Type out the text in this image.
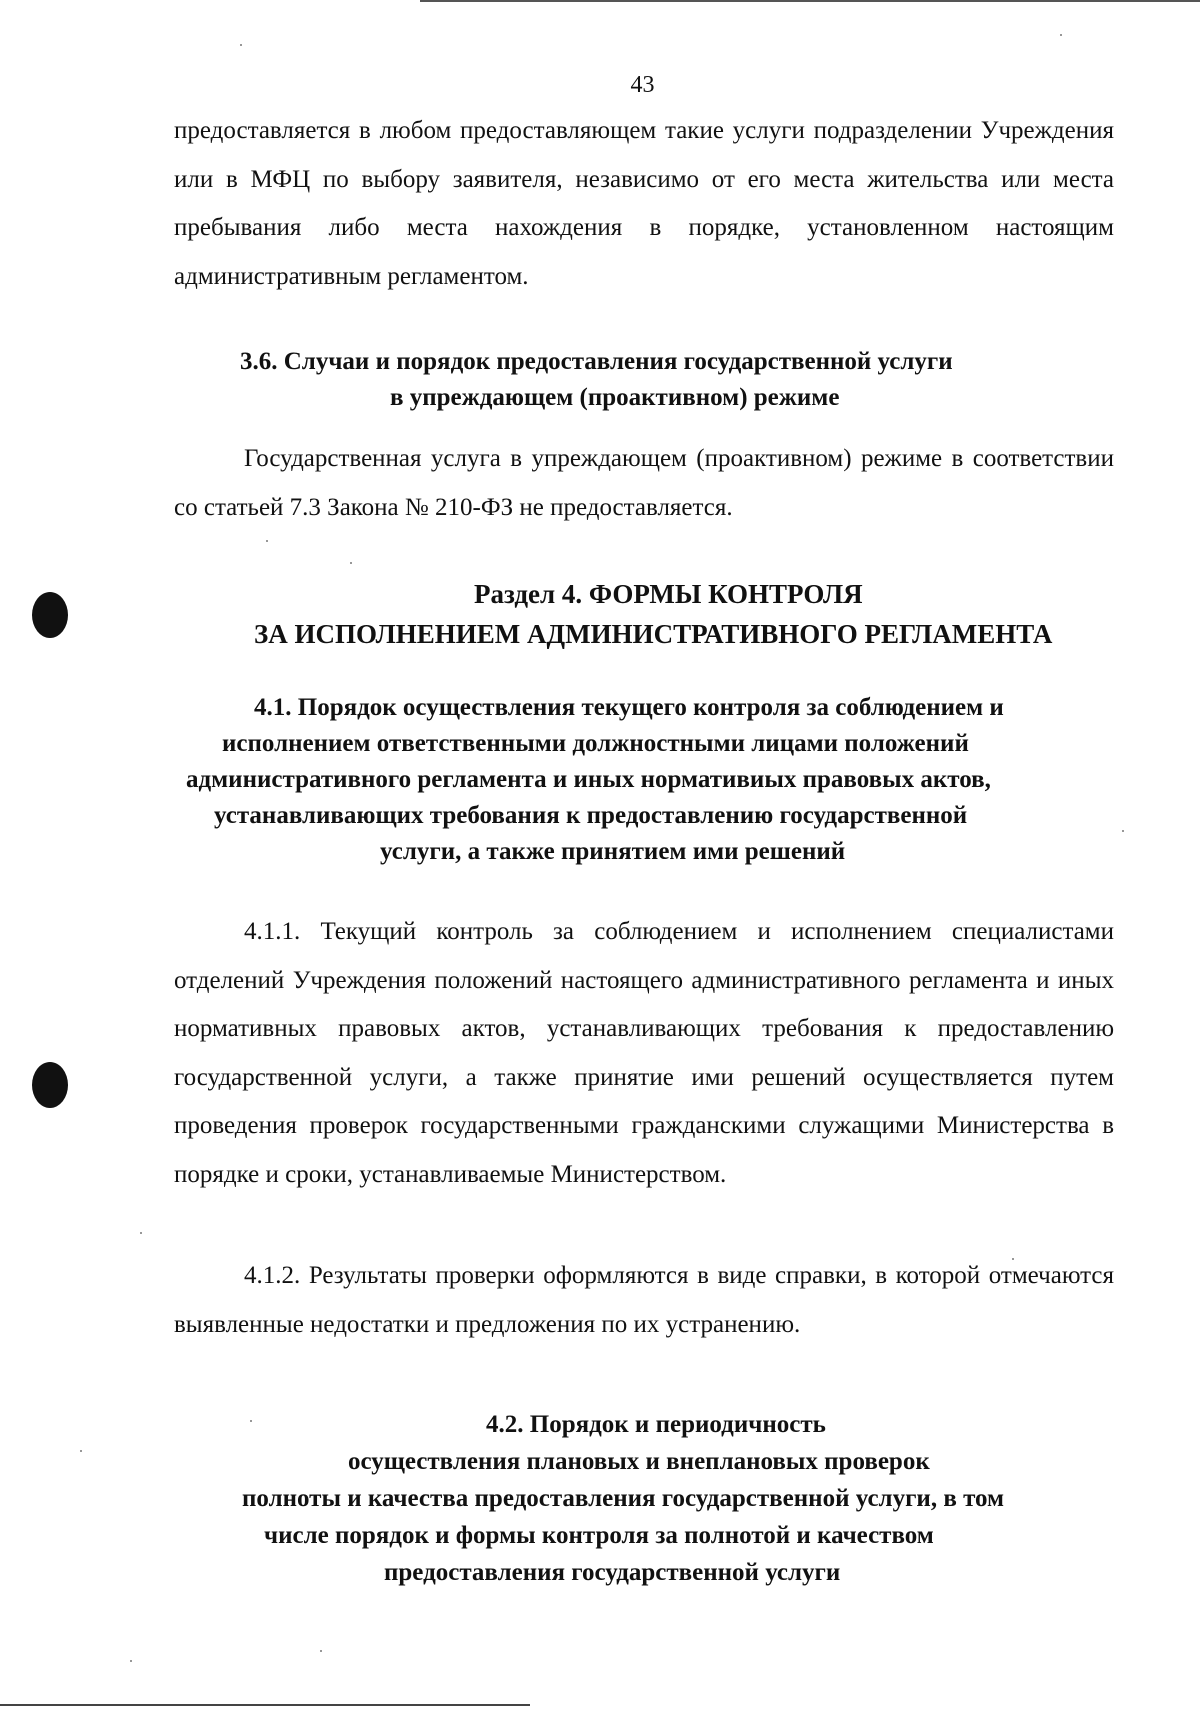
43

предоставляется в любом предоставляющем такие услуги подразделении Учреждения или в МФЦ по выбору заявителя, независимо от его места жительства или места пребывания либо места нахождения в порядке, установленном настоящим административным регламентом.

3.6. Случаи и порядок предоставления государственной услуги
в упреждающем (проактивном) режиме

Государственная услуга в упреждающем (проактивном) режиме в соответствии со статьей 7.3 Закона № 210-ФЗ не предоставляется.

Раздел 4. ФОРМЫ КОНТРОЛЯ
ЗА ИСПОЛНЕНИЕМ АДМИНИСТРАТИВНОГО РЕГЛАМЕНТА
4.1. Порядок осуществления текущего контроля за соблюдением и
исполнением ответственными должностными лицами положений
административного регламента и иных нормативиых правовых актов,
устанавливающих требования к предоставлению государственной
услуги, а также принятием ими решений

4.1.1. Текущий контроль за соблюдением и исполнением специалистами отделений Учреждения положений настоящего административного регламента и иных нормативных правовых актов, устанавливающих требования к предоставлению государственной услуги, а также принятие ими решений осуществляется путем проведения проверок государственными гражданскими служащими Министерства в порядке и сроки, устанавливаемые Министерством.

4.1.2. Результаты проверки оформляются в виде справки, в которой отмечаются выявленные недостатки и предложения по их устранению.

4.2. Порядок и периодичность
осуществления плановых и внеплановых проверок
полноты и качества предоставления государственной услуги, в том
числе порядок и формы контроля за полнотой и качеством
предоставления государственной услуги
